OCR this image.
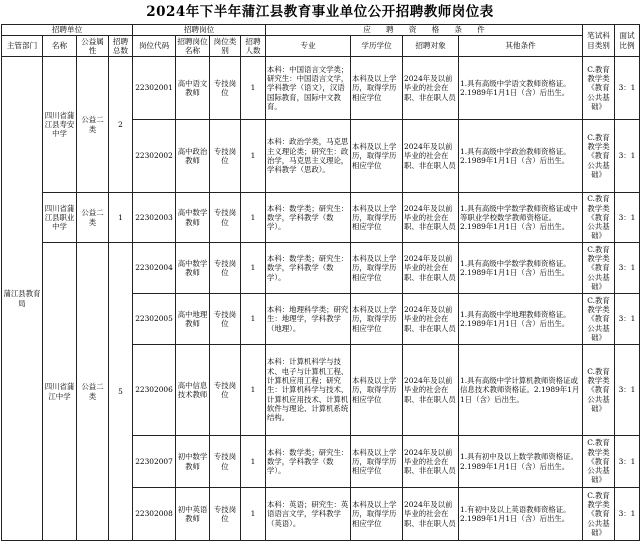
2024年下半年蒲江县教育事业单位公开招聘教师岗位表
招聘单位				招聘岗位				应　　聘　　资　　格　　条　　件				笔试科目类别	面试比例
主管部门	名称	公益属性	招聘总数	岗位代码	招聘岗位名称	岗位类别	招聘人数	专业	学历学位	招聘对象	其他条件		
蒲江县教育局	四川省蒲江县寿安中学	公益二类	2	22302001	高中语文教师	专技岗位	1	本科：中国语言文学类；研究生：中国语言文学，学科教学（语文），汉语国际教育，国际中文教育。	本科及以上学历，取得学历相应学位	2024年及以前毕业的社会在职、非在职人员	1.具有高级中学语文教师资格证。2.1989年1月1日（含）后出生。	C.教育教学类《教育公共基础》	3：1
				22302002	高中政治教师	专技岗位	1	本科：政治学类，马克思主义理论类；研究生：政治学，马克思主义理论，学科教学（思政）。	本科及以上学历，取得学历相应学位	2024年及以前毕业的社会在职、非在职人员	1.具有高级中学政治教师资格证。2.1989年1月1日（含）后出生。	C.教育教学类《教育公共基础》	3：1
	四川省蒲江县职业中学	公益二类	1	22302003	高中数学教师	专技岗位	1	本科：数学类；研究生：数学，学科教学（数学）。	本科及以上学历，取得学历相应学位	2024年及以前毕业的社会在职、非在职人员	1.具有高级中学数学教师资格证或中等职业学校数学教师资格证。2.1989年1月1日（含）后出生。	C.教育教学类《教育公共基础》	3：1
	四川省蒲江中学	公益二类	5	22302004	高中数学教师	专技岗位	1	本科：数学类；研究生：数学，学科教学（数学）。	本科及以上学历，取得学历相应学位	2024年及以前毕业的社会在职、非在职人员	1.具有高级中学数学教师资格证。2.1989年1月1日（含）后出生。	C.教育教学类《教育公共基础》	3：1
				22302005	高中地理教师	专技岗位	1	本科：地理科学类；研究生：地理学，学科教学（地理）。	本科及以上学历，取得学历相应学位	2024年及以前毕业的社会在职、非在职人员	1.具有高级中学地理教师资格证。2.1989年1月1日（含）后出生。	C.教育教学类《教育公共基础》	3：1
				22302006	高中信息技术教师	专技岗位	1	本科：计算机科学与技术、电子与计算机工程、计算机应用工程；研究生：计算机科学与技术、计算机应用技术、计算机软件与理论、计算机系统结构。	本科及以上学历，取得学历相应学位	2024年及以前毕业的社会在职、非在职人员	1.具有高级中学计算机教师资格证或信息技术教师资格证。2.1989年1月1日（含）后出生。	C.教育教学类《教育公共基础》	3：1
				22302007	初中数学教师	专技岗位	1	本科：数学类；研究生：数学，学科教学（数学）。	本科及以上学历，取得学历相应学位	2024年及以前毕业的社会在职、非在职人员	1.具有初中及以上数学教师资格证。2.1989年1月1日（含）后出生。	C.教育教学类《教育公共基础》	3：1
				22302008	初中英语教师	专技岗位	1	本科：英语；研究生：英语语言文学，学科教学（英语）。	本科及以上学历，取得学历相应学位	2024年及以前毕业的社会在职、非在职人员	1.有初中及以上英语教师资格证。2.1989年1月1日（含）后出生。	C.教育教学类《教育公共基础》	3：1
